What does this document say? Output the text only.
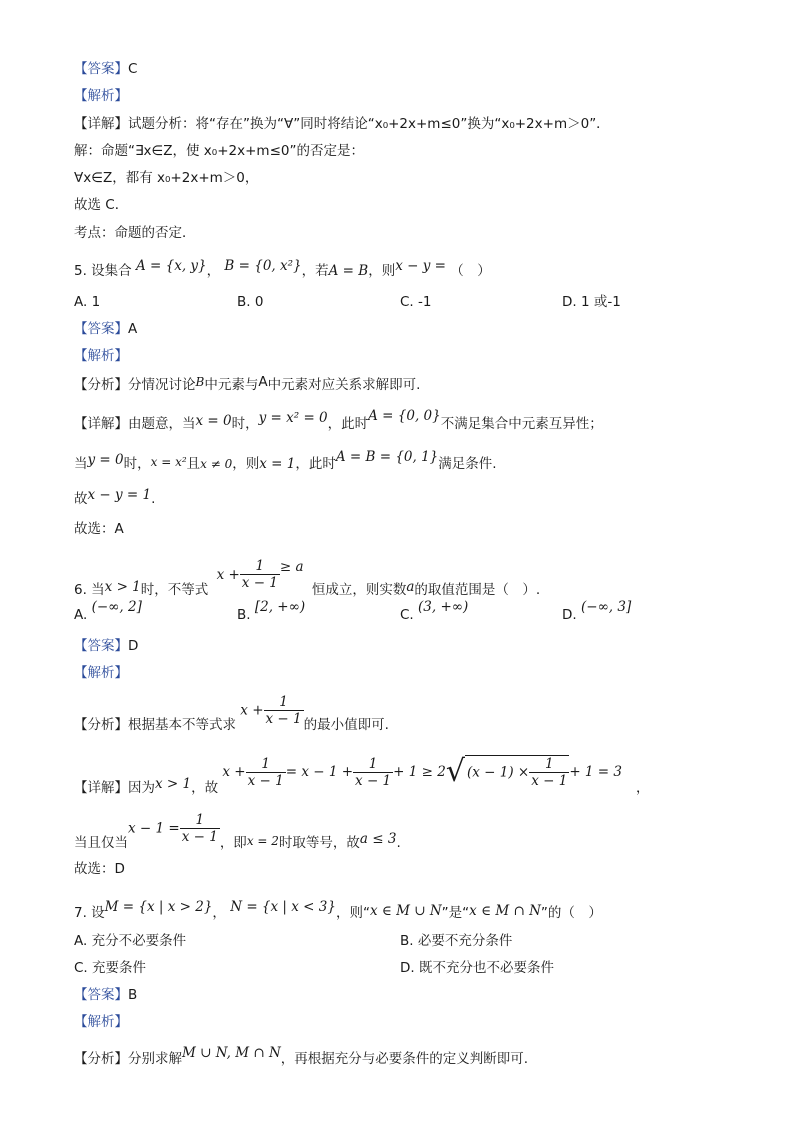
【答案】C
【解析】
【详解】试题分析：将“存在”换为“∀”同时将结论“x₀+2x+m≤0”换为“x₀+2x+m＞0”．
解：命题“∃x∈Z，使 x₀+2x+m≤0”的否定是：
∀x∈Z，都有 x₀+2x+m＞0，
故选 C．
考点：命题的否定．
5. 设集合 A = {x, y}， B = {0, x²}，若A = B，则x − y = （　）
A. 1	B. 0	C. -1	D. 1 或-1
【答案】A
【解析】
【分析】分情况讨论B中元素与A中元素对应关系求解即可.
【详解】由题意，当x = 0时，y = x² = 0，此时A = {0, 0}不满足集合中元素互异性；
当y = 0时，x = x²且x ≠ 0，则x = 1，此时A = B = {0, 1}满足条件.
故x − y = 1.
故选：A
6. 当x > 1时，不等式 $x + \frac{1}{x - 1} \ge a$ 恒成立，则实数a的取值范围是（　）.
A. (−∞, 2]	B. [2, +∞)	C. (3, +∞)	D. (−∞, 3]
【答案】D
【解析】
【分析】根据基本不等式求 $x + \frac{1}{x - 1}$ 的最小值即可.
【详解】因为x > 1，故 $x + \frac{1}{x - 1} = x - 1 + \frac{1}{x - 1} + 1 \ge 2√$ $(x - 1) \times \frac{1}{x - 1} + 1 = 3$，
当且仅当$x - 1 = \frac{1}{x - 1}$ ，即x = 2时取等号，故a ≤ 3.
故选：D
7. 设M = {x | x > 2}， N = {x | x < 3}，则“x ∈ M ∪ N”是“x ∈ M ∩ N”的（　）
A. 充分不必要条件	B. 必要不充分条件
C. 充要条件	D. 既不充分也不必要条件
【答案】B
【解析】
【分析】分别求解M ∪ N, M ∩ N，再根据充分与必要条件的定义判断即可.
